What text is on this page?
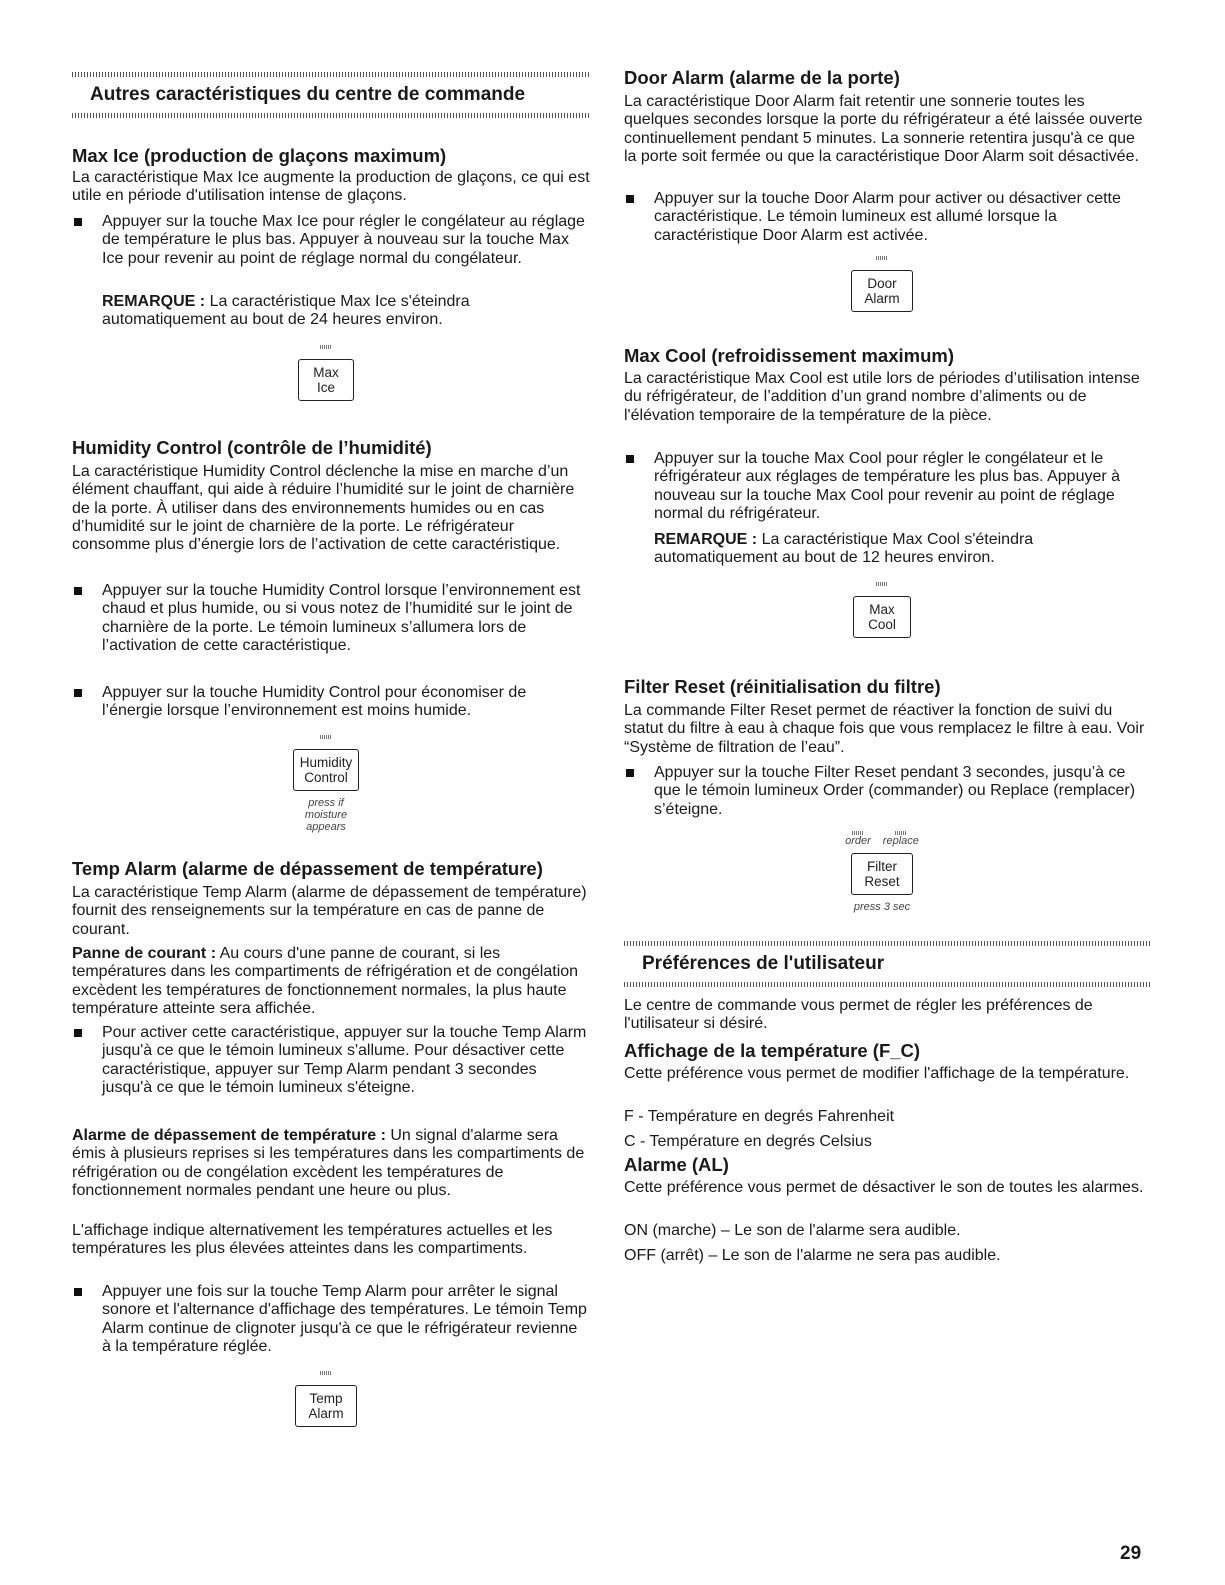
Autres caractéristiques du centre de commande
Max Ice (production de glaçons maximum)

La caractéristique Max Ice augmente la production de glaçons, ce qui est utile en période d'utilisation intense de glaçons.

Appuyer sur la touche Max Ice pour régler le congélateur au réglage de température le plus bas. Appuyer à nouveau sur la touche Max Ice pour revenir au point de réglage normal du congélateur.

REMARQUE : La caractéristique Max Ice s'éteindra automatiquement au bout de 24 heures environ.

Max
Ice
Humidity Control (contrôle de l’humidité)

La caractéristique Humidity Control déclenche la mise en marche d’un élément chauffant, qui aide à réduire l’humidité sur le joint de charnière de la porte. À utiliser dans des environnements humides ou en cas d’humidité sur le joint de charnière de la porte. Le réfrigérateur consomme plus d’énergie lors de l’activation de cette caractéristique.

Appuyer sur la touche Humidity Control lorsque l’environnement est chaud et plus humide, ou si vous notez de l’humidité sur le joint de charnière de la porte. Le témoin lumineux s’allumera lors de l’activation de cette caractéristique.
Appuyer sur la touche Humidity Control pour économiser de l’énergie lorsque l’environnement est moins humide.
Humidity
Control
press if
moisture
appears
Temp Alarm (alarme de dépassement de température)

La caractéristique Temp Alarm (alarme de dépassement de température) fournit des renseignements sur la température en cas de panne de courant.

Panne de courant : Au cours d'une panne de courant, si les températures dans les compartiments de réfrigération et de congélation excèdent les températures de fonctionnement normales, la plus haute température atteinte sera affichée.

Pour activer cette caractéristique, appuyer sur la touche Temp Alarm jusqu'à ce que le témoin lumineux s'allume. Pour désactiver cette caractéristique, appuyer sur Temp Alarm pendant 3 secondes jusqu'à ce que le témoin lumineux s'éteigne.

Alarme de dépassement de température : Un signal d'alarme sera émis à plusieurs reprises si les températures dans les compartiments de réfrigération ou de congélation excèdent les températures de fonctionnement normales pendant une heure ou plus.

L'affichage indique alternativement les températures actuelles et les températures les plus élevées atteintes dans les compartiments.

Appuyer une fois sur la touche Temp Alarm pour arrêter le signal sonore et l'alternance d'affichage des températures. Le témoin Temp Alarm continue de clignoter jusqu'à ce que le réfrigérateur revienne à la température réglée.
Temp
Alarm
Door Alarm (alarme de la porte)

La caractéristique Door Alarm fait retentir une sonnerie toutes les quelques secondes lorsque la porte du réfrigérateur a été laissée ouverte continuellement pendant 5 minutes. La sonnerie retentira jusqu'à ce que la porte soit fermée ou que la caractéristique Door Alarm soit désactivée.

Appuyer sur la touche Door Alarm pour activer ou désactiver cette caractéristique. Le témoin lumineux est allumé lorsque la caractéristique Door Alarm est activée.
Door
Alarm
Max Cool (refroidissement maximum)

La caractéristique Max Cool est utile lors de périodes d’utilisation intense du réfrigérateur, de l’addition d’un grand nombre d’aliments ou de l'élévation temporaire de la température de la pièce.

Appuyer sur la touche Max Cool pour régler le congélateur et le réfrigérateur aux réglages de température les plus bas. Appuyer à nouveau sur la touche Max Cool pour revenir au point de réglage normal du réfrigérateur.

REMARQUE : La caractéristique Max Cool s'éteindra automatiquement au bout de 12 heures environ.

Max
Cool
Filter Reset (réinitialisation du filtre)

La commande Filter Reset permet de réactiver la fonction de suivi du statut du filtre à eau à chaque fois que vous remplacez le filtre à eau. Voir “Système de filtration de l’eau”.

Appuyer sur la touche Filter Reset pendant 3 secondes, jusqu’à ce que le témoin lumineux Order (commander) ou Replace (remplacer) s’éteigne.
order replace
Filter
Reset
press 3 sec
Préférences de l'utilisateur

Le centre de commande vous permet de régler les préférences de l'utilisateur si désiré.

Affichage de la température (F_C)

Cette préférence vous permet de modifier l'affichage de la température.

F - Température en degrés Fahrenheit

C - Température en degrés Celsius

Alarme (AL)

Cette préférence vous permet de désactiver le son de toutes les alarmes.

ON (marche) – Le son de l'alarme sera audible.

OFF (arrêt) – Le son de l'alarme ne sera pas audible.

29
